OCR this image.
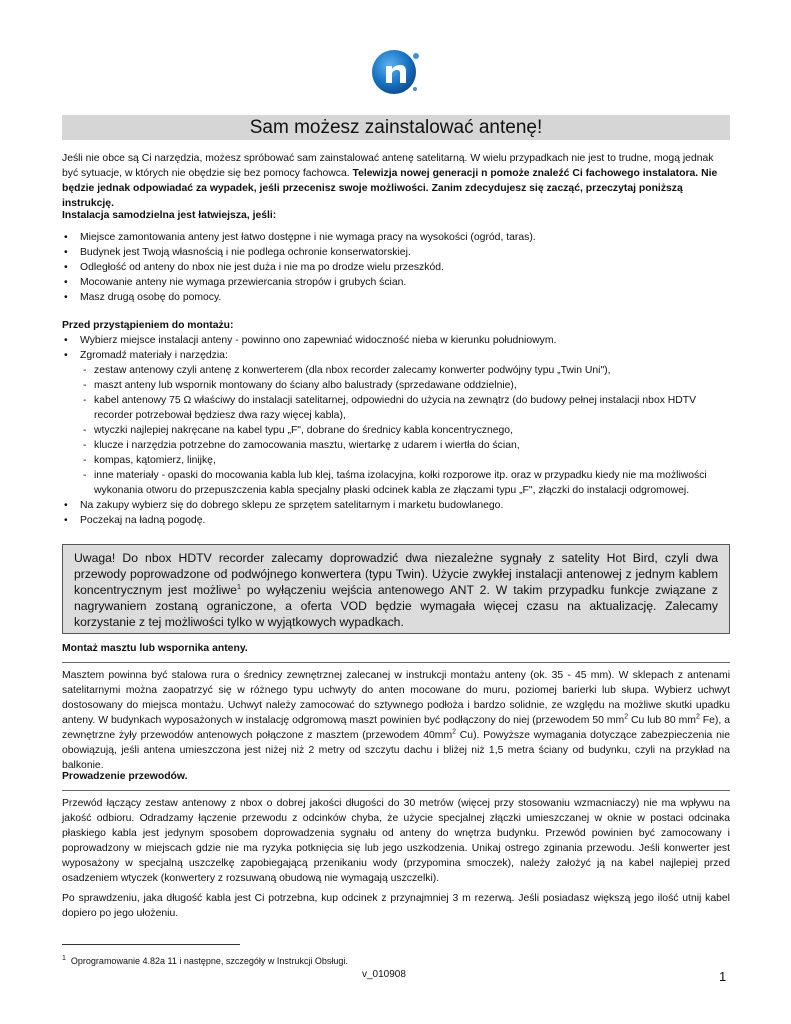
Sam możesz zainstalować antenę!
Jeśli nie obce są Ci narzędzia, możesz spróbować sam zainstalować antenę satelitarną. W wielu przypadkach nie jest to trudne, mogą jednak być sytuacje, w których nie obędzie się bez pomocy fachowca. Telewizja nowej generacji n pomoże znaleźć Ci fachowego instalatora. Nie będzie jednak odpowiadać za wypadek, jeśli przecenisz swoje możliwości. Zanim zdecydujesz się zacząć, przeczytaj poniższą instrukcję.
Instalacja samodzielna jest łatwiejsza, jeśli:
• Miejsce zamontowania anteny jest łatwo dostępne i nie wymaga pracy na wysokości (ogród, taras).
• Budynek jest Twoją własnością i nie podlega ochronie konserwatorskiej.
• Odległość od anteny do nbox nie jest duża i nie ma po drodze wielu przeszkód.
• Mocowanie anteny nie wymaga przewiercania stropów i grubych ścian.
• Masz drugą osobę do pomocy.
Przed przystąpieniem do montażu:
• Wybierz miejsce instalacji anteny - powinno ono zapewniać widoczność nieba w kierunku południowym.
• Zgromadź materiały i narzędzia:
- zestaw antenowy czyli antenę z konwerterem (dla nbox recorder zalecamy konwerter podwójny typu „Twin Uni"),
- maszt anteny lub wspornik montowany do ściany albo balustrady (sprzedawane oddzielnie),
- kabel antenowy 75 Ω właściwy do instalacji satelitarnej, odpowiedni do użycia na zewnątrz (do budowy pełnej instalacji nbox HDTV recorder potrzebował będziesz dwa razy więcej kabla),
- wtyczki najlepiej nakręcane na kabel typu „F", dobrane do średnicy kabla koncentrycznego,
- klucze i narzędzia potrzebne do zamocowania masztu, wiertarkę z udarem i wiertła do ścian,
- kompas, kątomierz, linijkę,
- inne materiały - opaski do mocowania kabla lub klej, taśma izolacyjna, kołki rozporowe itp. oraz w przypadku kiedy nie ma możliwości wykonania otworu do przepuszczenia kabla specjalny płaski odcinek kabla ze złączami typu „F", złączki do instalacji odgromowej.
• Na zakupy wybierz się do dobrego sklepu ze sprzętem satelitarnym i marketu budowlanego.
• Poczekaj na ładną pogodę.
Uwaga! Do nbox HDTV recorder zalecamy doprowadzić dwa niezależne sygnały z satelity Hot Bird, czyli dwa przewody poprowadzone od podwójnego konwertera (typu Twin). Użycie zwykłej instalacji antenowej z jednym kablem koncentrycznym jest możliwe$^1$ po wyłączeniu wejścia antenowego ANT 2. W takim przypadku funkcje związane z nagrywaniem zostaną ograniczone, a oferta VOD będzie wymagała więcej czasu na aktualizację. Zalecamy korzystanie z tej możliwości tylko w wyjątkowych wypadkach.
Montaż masztu lub wspornika anteny.
Masztem powinna być stalowa rura o średnicy zewnętrznej zalecanej w instrukcji montażu anteny (ok. 35 - 45 mm). W sklepach z antenami satelitarnymi można zaopatrzyć się w różnego typu uchwyty do anten mocowane do muru, poziomej barierki lub słupa. Wybierz uchwyt dostosowany do miejsca montażu. Uchwyt należy zamocować do sztywnego podłoża i bardzo solidnie, ze względu na możliwe skutki upadku anteny. W budynkach wyposażonych w instalację odgromową maszt powinien być podłączony do niej (przewodem 50 $mm^2$ Cu lub 80 $mm^2$ Fe), a zewnętrzne żyły przewodów antenowych połączone z masztem (przewodem $40mm^2$ Cu). Powyższe wymagania dotyczące zabezpieczenia nie obowiązują, jeśli antena umieszczona jest niżej niż 2 metry od szczytu dachu i bliżej niż 1,5 metra ściany od budynku, czyli na przykład na balkonie.
Prowadzenie przewodów.
Przewód łączący zestaw antenowy z nbox o dobrej jakości długości do 30 metrów (więcej przy stosowaniu wzmacniaczy) nie ma wpływu na jakość odbioru. Odradzamy łączenie przewodu z odcinków chyba, że użycie specjalnej złączki umieszczanej w oknie w postaci odcinaka płaskiego kabla jest jedynym sposobem doprowadzenia sygnału od anteny do wnętrza budynku. Przewód powinien być zamocowany i poprowadzony w miejscach gdzie nie ma ryzyka potknięcia się lub jego uszkodzenia. Unikaj ostrego zginania przewodu. Jeśli konwerter jest wyposażony w specjalną uszczelkę zapobiegającą przenikaniu wody (przypomina smoczek), należy założyć ją na kabel najlepiej przed osadzeniem wtyczek (konwertery z rozsuwaną obudową nie wymagają uszczelki).
Po sprawdzeniu, jaka długość kabla jest Ci potrzebna, kup odcinek z przynajmniej 3 m rezerwą. Jeśli posiadasz większą jego ilość utnij kabel dopiero po jego ułożeniu.
$^1$ Oprogramowanie 4.82a 11 i następne, szczegóły w Instrukcji Obsługi.
v_010908	1
